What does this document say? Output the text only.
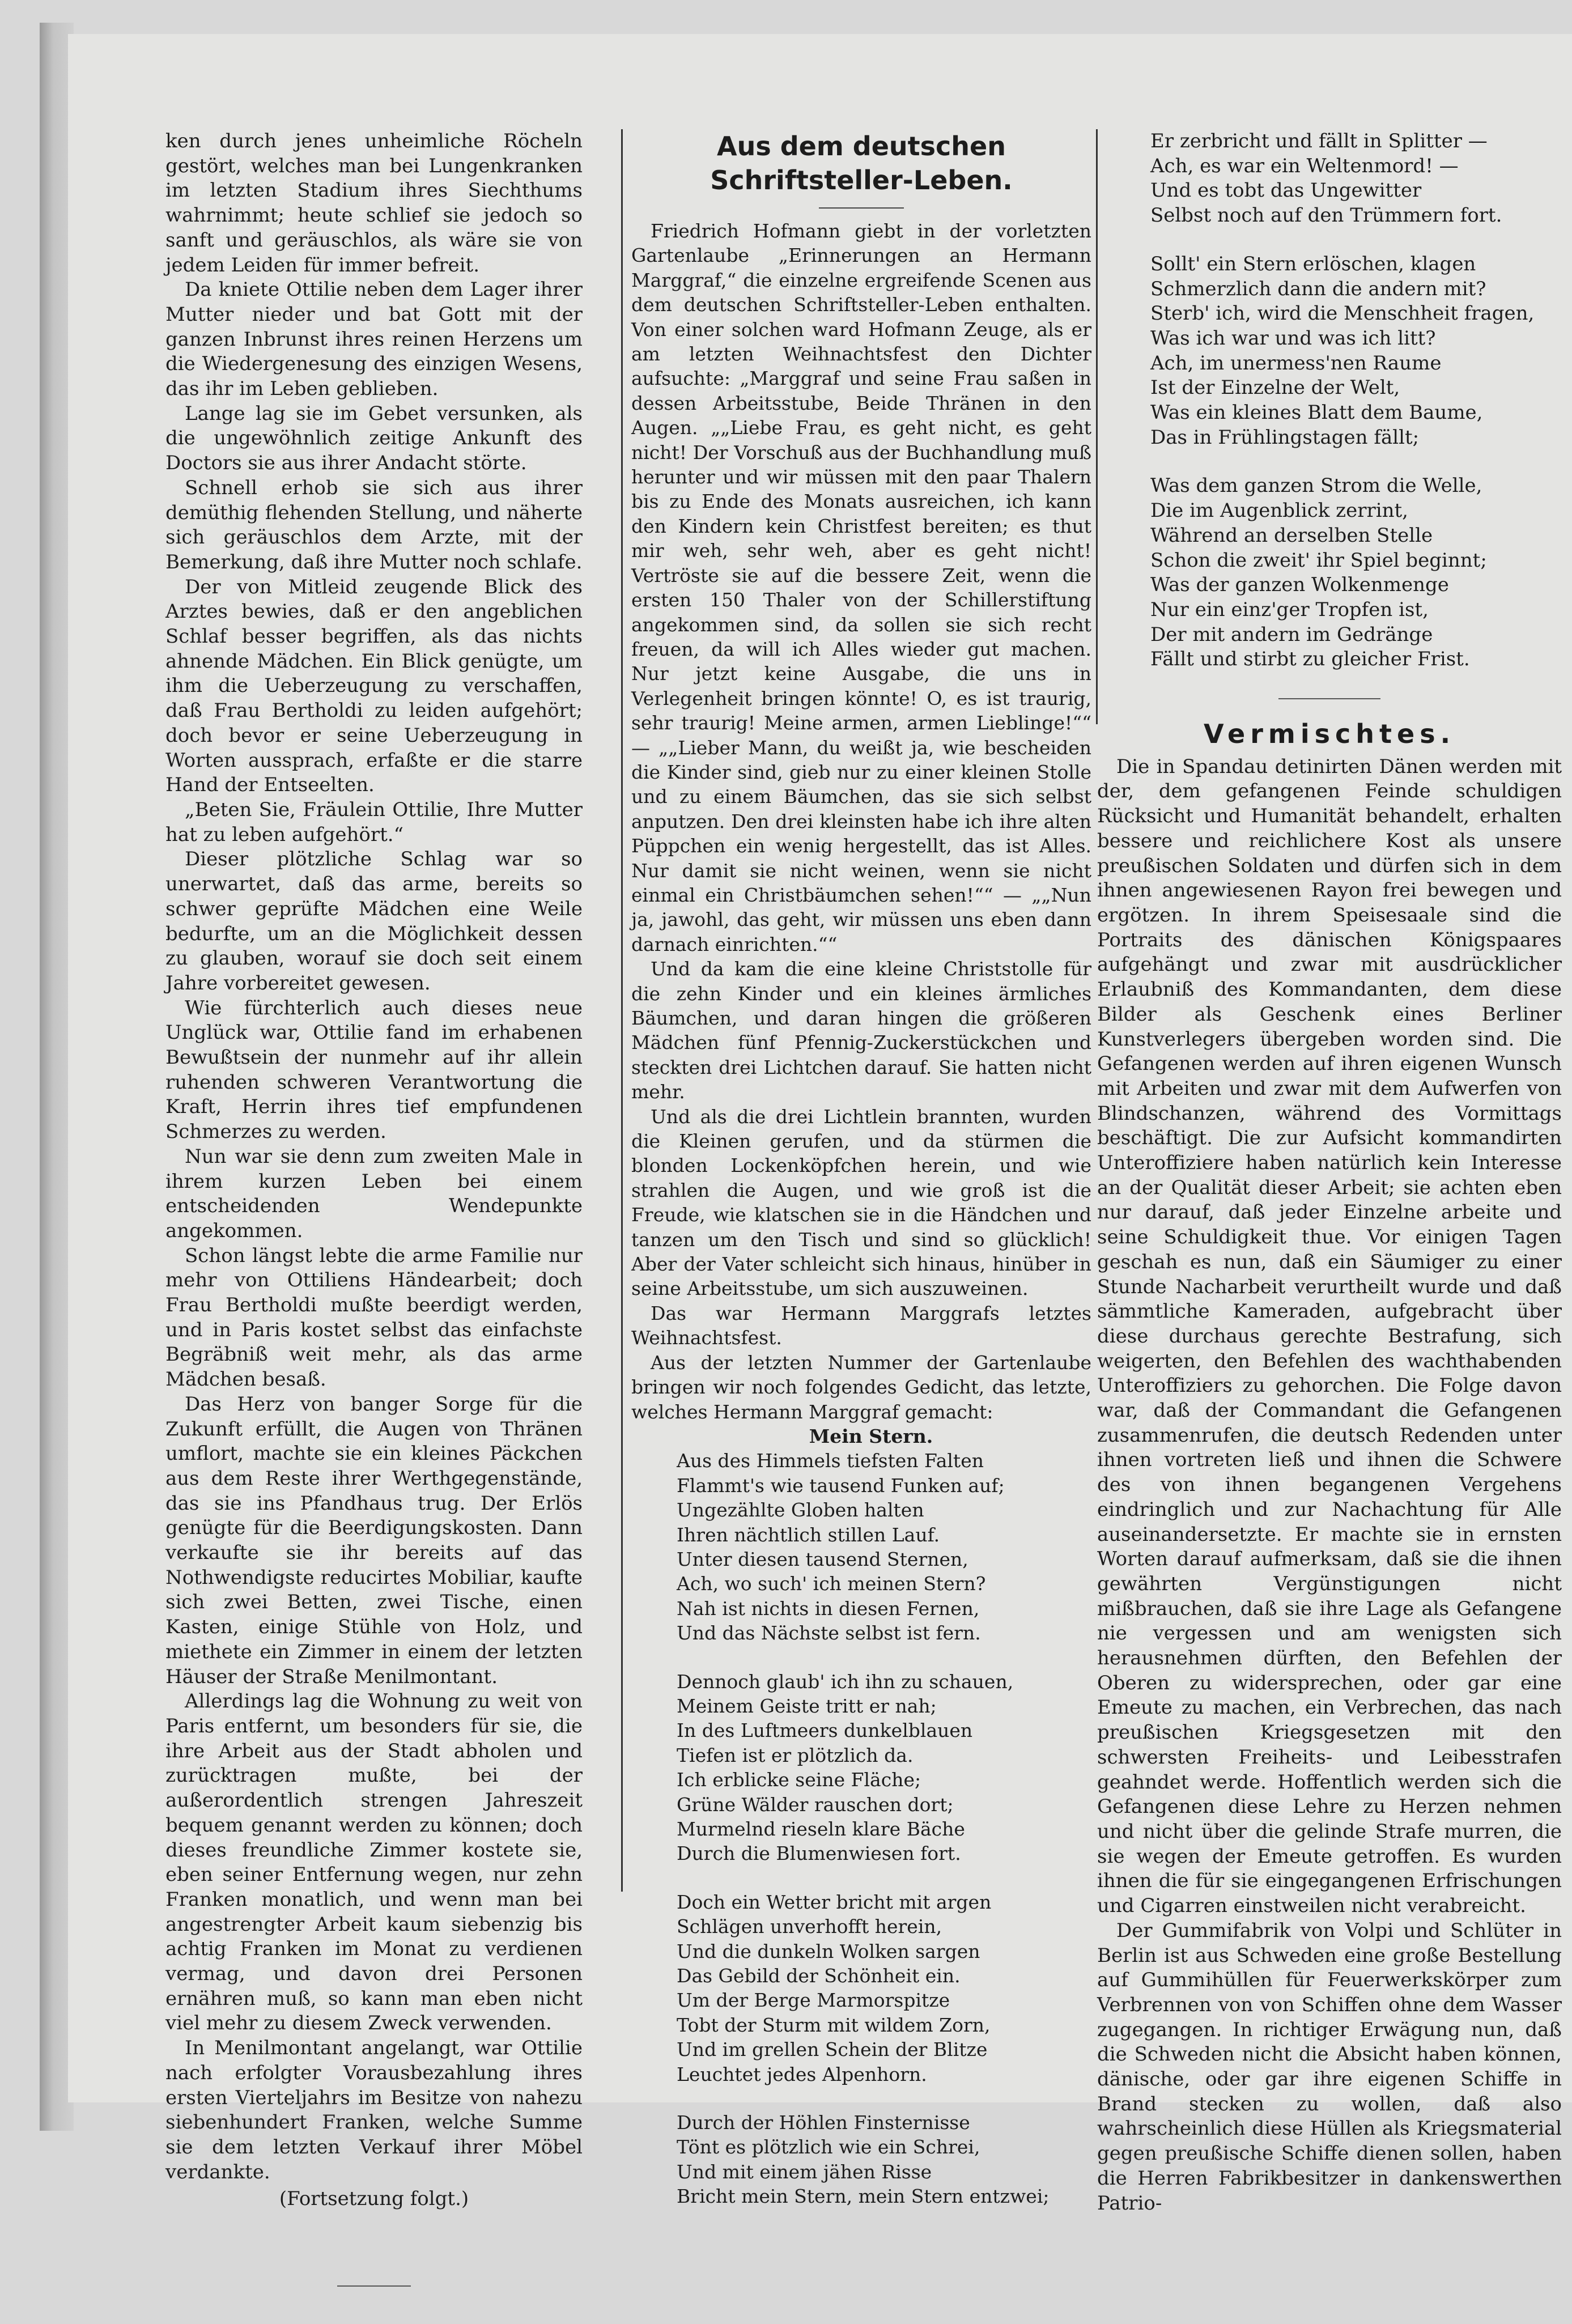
ken durch jenes unheimliche Röcheln gestört, welches man bei Lungenkranken im letzten Stadium ihres Siechthums wahrnimmt; heute schlief sie jedoch so sanft und geräuschlos, als wäre sie von jedem Leiden für immer befreit.

Da kniete Ottilie neben dem Lager ihrer Mutter nieder und bat Gott mit der ganzen Inbrunst ihres reinen Herzens um die Wiedergenesung des einzigen Wesens, das ihr im Leben geblieben.

Lange lag sie im Gebet versunken, als die ungewöhnlich zeitige Ankunft des Doctors sie aus ihrer Andacht störte.

Schnell erhob sie sich aus ihrer demüthig flehenden Stellung, und näherte sich geräuschlos dem Arzte, mit der Bemerkung, daß ihre Mutter noch schlafe.

Der von Mitleid zeugende Blick des Arztes bewies, daß er den angeblichen Schlaf besser begriffen, als das nichts ahnende Mädchen. Ein Blick genügte, um ihm die Ueberzeugung zu verschaffen, daß Frau Bertholdi zu leiden aufgehört; doch bevor er seine Ueberzeugung in Worten aussprach, erfaßte er die starre Hand der Entseelten.

„Beten Sie, Fräulein Ottilie, Ihre Mutter hat zu leben aufgehört.“

Dieser plötzliche Schlag war so unerwartet, daß das arme, bereits so schwer geprüfte Mädchen eine Weile bedurfte, um an die Möglichkeit dessen zu glauben, worauf sie doch seit einem Jahre vorbereitet gewesen.

Wie fürchterlich auch dieses neue Unglück war, Ottilie fand im erhabenen Bewußtsein der nunmehr auf ihr allein ruhenden schweren Verantwortung die Kraft, Herrin ihres tief empfundenen Schmerzes zu werden.

Nun war sie denn zum zweiten Male in ihrem kurzen Leben bei einem entscheidenden Wendepunkte angekommen.

Schon längst lebte die arme Familie nur mehr von Ottiliens Händearbeit; doch Frau Bertholdi mußte beerdigt werden, und in Paris kostet selbst das einfachste Begräbniß weit mehr, als das arme Mädchen besaß.

Das Herz von banger Sorge für die Zukunft erfüllt, die Augen von Thränen umflort, machte sie ein kleines Päckchen aus dem Reste ihrer Werthgegenstände, das sie ins Pfandhaus trug. Der Erlös genügte für die Beerdigungskosten. Dann verkaufte sie ihr bereits auf das Nothwendigste reducirtes Mobiliar, kaufte sich zwei Betten, zwei Tische, einen Kasten, einige Stühle von Holz, und miethete ein Zimmer in einem der letzten Häuser der Straße Menilmontant.

Allerdings lag die Wohnung zu weit von Paris entfernt, um besonders für sie, die ihre Arbeit aus der Stadt abholen und zurücktragen mußte, bei der außerordentlich strengen Jahreszeit bequem genannt werden zu können; doch dieses freundliche Zimmer kostete sie, eben seiner Entfernung wegen, nur zehn Franken monatlich, und wenn man bei angestrengter Arbeit kaum siebenzig bis achtig Franken im Monat zu verdienen vermag, und davon drei Personen ernähren muß, so kann man eben nicht viel mehr zu diesem Zweck verwenden.

In Menilmontant angelangt, war Ottilie nach erfolgter Vorausbezahlung ihres ersten Vierteljahrs im Besitze von nahezu siebenhundert Franken, welche Summe sie dem letzten Verkauf ihrer Möbel verdankte.

(Fortsetzung folgt.)

Aus dem deutschen Schriftsteller-Leben.

Friedrich Hofmann giebt in der vorletzten Gartenlaube „Erinnerungen an Hermann Marggraf,“ die einzelne ergreifende Scenen aus dem deutschen Schriftsteller-Leben enthalten. Von einer solchen ward Hofmann Zeuge, als er am letzten Weihnachtsfest den Dichter aufsuchte: „Marggraf und seine Frau saßen in dessen Arbeitsstube, Beide Thränen in den Augen. „„Liebe Frau, es geht nicht, es geht nicht! Der Vorschuß aus der Buchhandlung muß herunter und wir müssen mit den paar Thalern bis zu Ende des Monats ausreichen, ich kann den Kindern kein Christfest bereiten; es thut mir weh, sehr weh, aber es geht nicht! Vertröste sie auf die bessere Zeit, wenn die ersten 150 Thaler von der Schillerstiftung angekommen sind, da sollen sie sich recht freuen, da will ich Alles wieder gut machen. Nur jetzt keine Ausgabe, die uns in Verlegenheit bringen könnte! O, es ist traurig, sehr traurig! Meine armen, armen Lieblinge!““ — „„Lieber Mann, du weißt ja, wie bescheiden die Kinder sind, gieb nur zu einer kleinen Stolle und zu einem Bäumchen, das sie sich selbst anputzen. Den drei kleinsten habe ich ihre alten Püppchen ein wenig hergestellt, das ist Alles. Nur damit sie nicht weinen, wenn sie nicht einmal ein Christbäumchen sehen!““ — „„Nun ja, jawohl, das geht, wir müssen uns eben dann darnach einrichten.““

Und da kam die eine kleine Christstolle für die zehn Kinder und ein kleines ärmliches Bäumchen, und daran hingen die größeren Mädchen fünf Pfennig-Zuckerstückchen und steckten drei Lichtchen darauf. Sie hatten nicht mehr.

Und als die drei Lichtlein brannten, wurden die Kleinen gerufen, und da stürmen die blonden Lockenköpfchen herein, und wie strahlen die Augen, und wie groß ist die Freude, wie klatschen sie in die Händchen und tanzen um den Tisch und sind so glücklich! Aber der Vater schleicht sich hinaus, hinüber in seine Arbeitsstube, um sich auszuweinen.

Das war Hermann Marggrafs letztes Weihnachtsfest.

Aus der letzten Nummer der Gartenlaube bringen wir noch folgendes Gedicht, das letzte, welches Hermann Marggraf gemacht:

Mein Stern.

Aus des Himmels tiefsten Falten
Flammt's wie tausend Funken auf;
Ungezählte Globen halten
Ihren nächtlich stillen Lauf.
Unter diesen tausend Sternen,
Ach, wo such' ich meinen Stern?
Nah ist nichts in diesen Fernen,
Und das Nächste selbst ist fern.
Dennoch glaub' ich ihn zu schauen,
Meinem Geiste tritt er nah;
In des Luftmeers dunkelblauen
Tiefen ist er plötzlich da.
Ich erblicke seine Fläche;
Grüne Wälder rauschen dort;
Murmelnd rieseln klare Bäche
Durch die Blumenwiesen fort.
Doch ein Wetter bricht mit argen
Schlägen unverhofft herein,
Und die dunkeln Wolken sargen
Das Gebild der Schönheit ein.
Um der Berge Marmorspitze
Tobt der Sturm mit wildem Zorn,
Und im grellen Schein der Blitze
Leuchtet jedes Alpenhorn.
Durch der Höhlen Finsternisse
Tönt es plötzlich wie ein Schrei,
Und mit einem jähen Risse
Bricht mein Stern, mein Stern entzwei;
Er zerbricht und fällt in Splitter —
Ach, es war ein Weltenmord! —
Und es tobt das Ungewitter
Selbst noch auf den Trümmern fort.
Sollt' ein Stern erlöschen, klagen
Schmerzlich dann die andern mit?
Sterb' ich, wird die Menschheit fragen,
Was ich war und was ich litt?
Ach, im unermess'nen Raume
Ist der Einzelne der Welt,
Was ein kleines Blatt dem Baume,
Das in Frühlingstagen fällt;
Was dem ganzen Strom die Welle,
Die im Augenblick zerrint,
Während an derselben Stelle
Schon die zweit' ihr Spiel beginnt;
Was der ganzen Wolkenmenge
Nur ein einz'ger Tropfen ist,
Der mit andern im Gedränge
Fällt und stirbt zu gleicher Frist.
Vermischtes.

Die in Spandau detinirten Dänen werden mit der, dem gefangenen Feinde schuldigen Rücksicht und Humanität behandelt, erhalten bessere und reichlichere Kost als unsere preußischen Soldaten und dürfen sich in dem ihnen angewiesenen Rayon frei bewegen und ergötzen. In ihrem Speisesaale sind die Portraits des dänischen Königspaares aufgehängt und zwar mit ausdrücklicher Erlaubniß des Kommandanten, dem diese Bilder als Geschenk eines Berliner Kunstverlegers übergeben worden sind. Die Gefangenen werden auf ihren eigenen Wunsch mit Arbeiten und zwar mit dem Aufwerfen von Blindschanzen, während des Vormittags beschäftigt. Die zur Aufsicht kommandirten Unteroffiziere haben natürlich kein Interesse an der Qualität dieser Arbeit; sie achten eben nur darauf, daß jeder Einzelne arbeite und seine Schuldigkeit thue. Vor einigen Tagen geschah es nun, daß ein Säumiger zu einer Stunde Nacharbeit verurtheilt wurde und daß sämmtliche Kameraden, aufgebracht über diese durchaus gerechte Bestrafung, sich weigerten, den Befehlen des wachthabenden Unteroffiziers zu gehorchen. Die Folge davon war, daß der Commandant die Gefangenen zusammenrufen, die deutsch Redenden unter ihnen vortreten ließ und ihnen die Schwere des von ihnen begangenen Vergehens eindringlich und zur Nachachtung für Alle auseinandersetzte. Er machte sie in ernsten Worten darauf aufmerksam, daß sie die ihnen gewährten Vergünstigungen nicht mißbrauchen, daß sie ihre Lage als Gefangene nie vergessen und am wenigsten sich herausnehmen dürften, den Befehlen der Oberen zu widersprechen, oder gar eine Emeute zu machen, ein Verbrechen, das nach preußischen Kriegsgesetzen mit den schwersten Freiheits- und Leibesstrafen geahndet werde. Hoffentlich werden sich die Gefangenen diese Lehre zu Herzen nehmen und nicht über die gelinde Strafe murren, die sie wegen der Emeute getroffen. Es wurden ihnen die für sie eingegangenen Erfrischungen und Cigarren einstweilen nicht verabreicht.

Der Gummifabrik von Volpi und Schlüter in Berlin ist aus Schweden eine große Bestellung auf Gummihüllen für Feuerwerkskörper zum Verbrennen von von Schiffen ohne dem Wasser zugegangen. In richtiger Erwägung nun, daß die Schweden nicht die Absicht haben können, dänische, oder gar ihre eigenen Schiffe in Brand stecken zu wollen, daß also wahrscheinlich diese Hüllen als Kriegsmaterial gegen preußische Schiffe dienen sollen, haben die Herren Fabrikbesitzer in dankenswerthen Patrio-
